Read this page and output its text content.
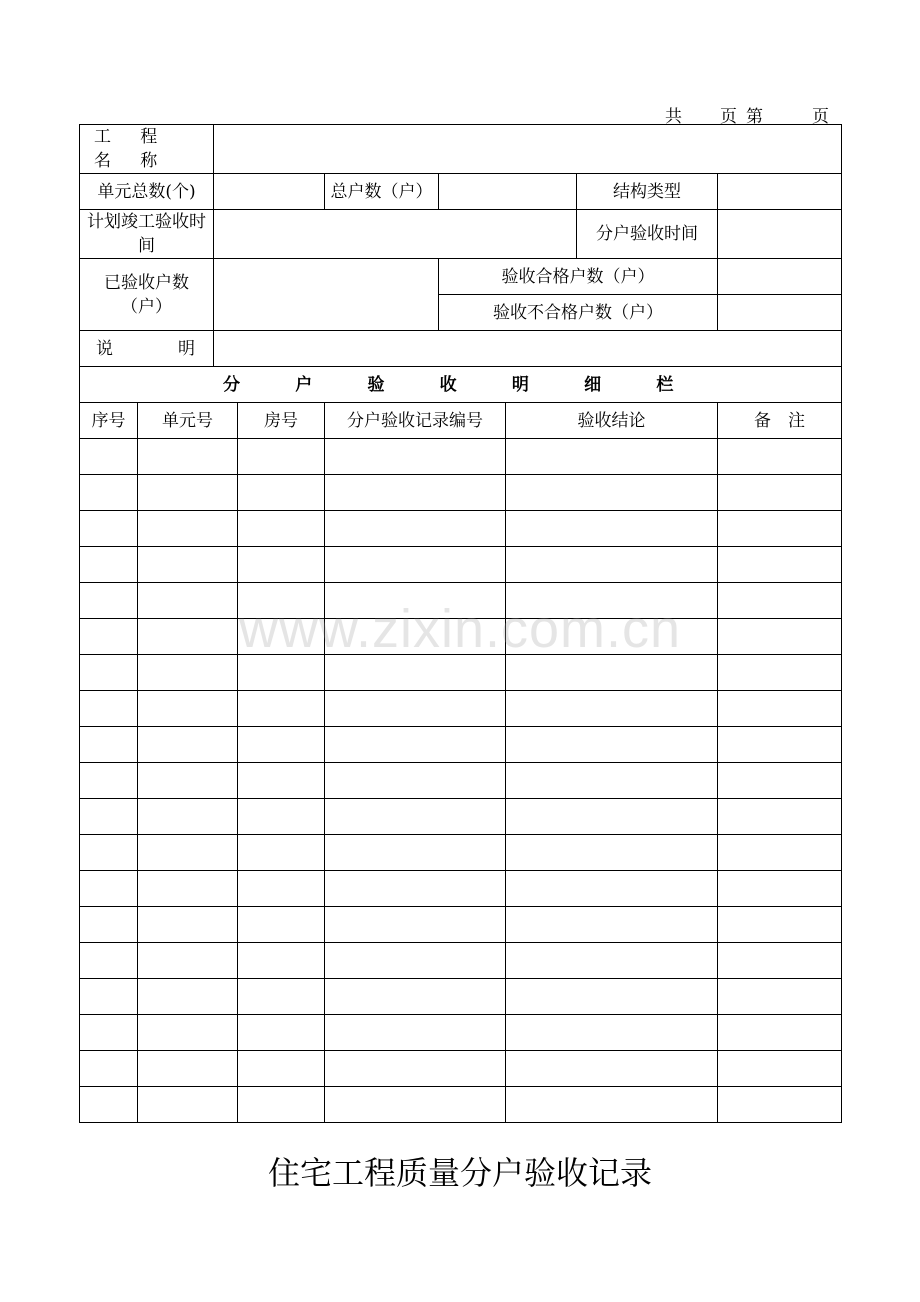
共 页 第	页
工 程 名 称								
单元总数(个)				总户数（户）			结构类型	
计划竣工验收时间							分户验收时间	
已验收户数（户）					验收合格户数（户）			
					验收不合格户数（户）			
说 明								

分 户 验 收 明 细 栏								
序号	单元号		房号	分户验收记录编号		验收结论		备　注

www.zixin.com.cn
住宅工程质量分户验收记录
